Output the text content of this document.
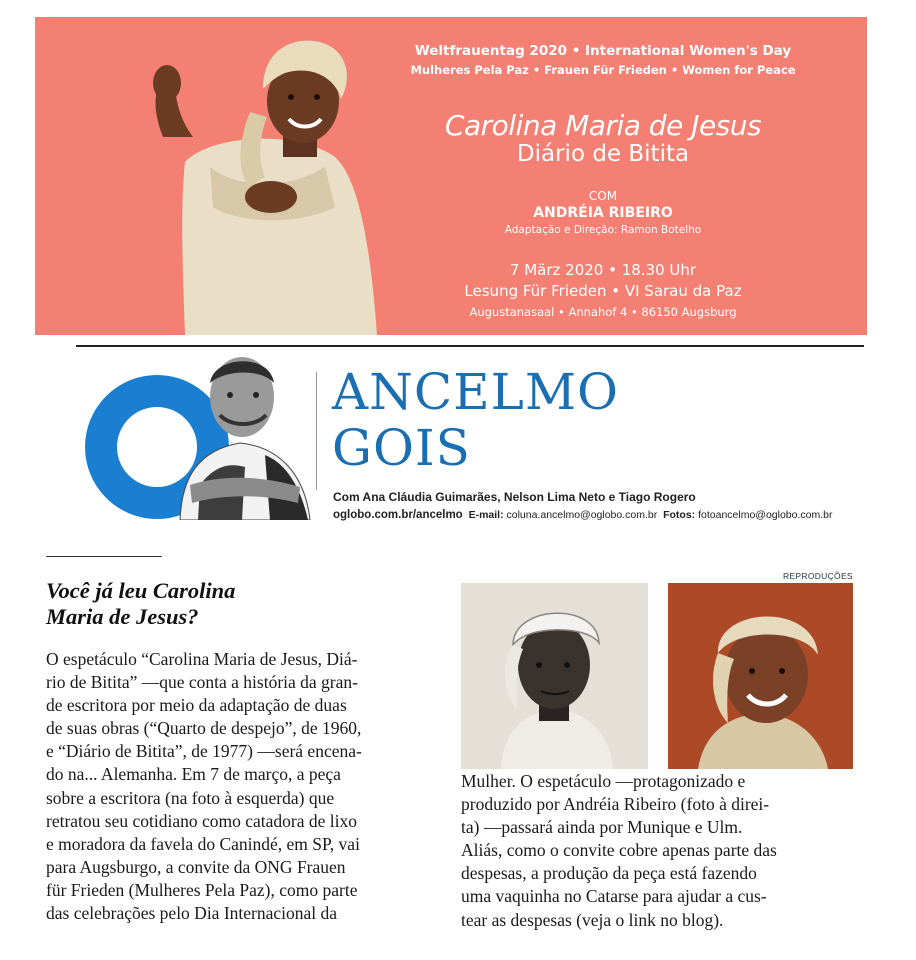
Weltfrauentag 2020 • International Women's Day
Mulheres Pela Paz • Frauen Für Frieden • Women for Peace
Carolina Maria de Jesus
Diário de Bitita
COM
ANDRÉIA RIBEIRO
Adaptação e Direção: Ramon Botelho
7 März 2020 • 18.30 Uhr
Lesung Für Frieden • VI Sarau da Paz
Augustanasaal • Annahof 4 • 86150 Augsburg
ANCELMO
GOIS
Com Ana Cláudia Guimarães, Nelson Lima Neto e Tiago Rogero
oglobo.com.br/ancelmo E-mail: coluna.ancelmo@oglobo.com.br Fotos: fotoancelmo@oglobo.com.br
Você já leu Carolina
Maria de Jesus?
O espetáculo “Carolina Maria de Jesus, Diá-
rio de Bitita” —que conta a história da gran-
de escritora por meio da adaptação de duas
de suas obras (“Quarto de despejo”, de 1960,
e “Diário de Bitita”, de 1977) —será encena-
do na... Alemanha. Em 7 de março, a peça
sobre a escritora (na foto à esquerda) que
retratou seu cotidiano como catadora de lixo
e moradora da favela do Canindé, em SP, vai
para Augsburgo, a convite da ONG Frauen
für Frieden (Mulheres Pela Paz), como parte
das celebrações pelo Dia Internacional da
REPRODUÇÕES
Mulher. O espetáculo —protagonizado e
produzido por Andréia Ribeiro (foto à direi-
ta) —passará ainda por Munique e Ulm.
Aliás, como o convite cobre apenas parte das
despesas, a produção da peça está fazendo
uma vaquinha no Catarse para ajudar a cus-
tear as despesas (veja o link no blog).
